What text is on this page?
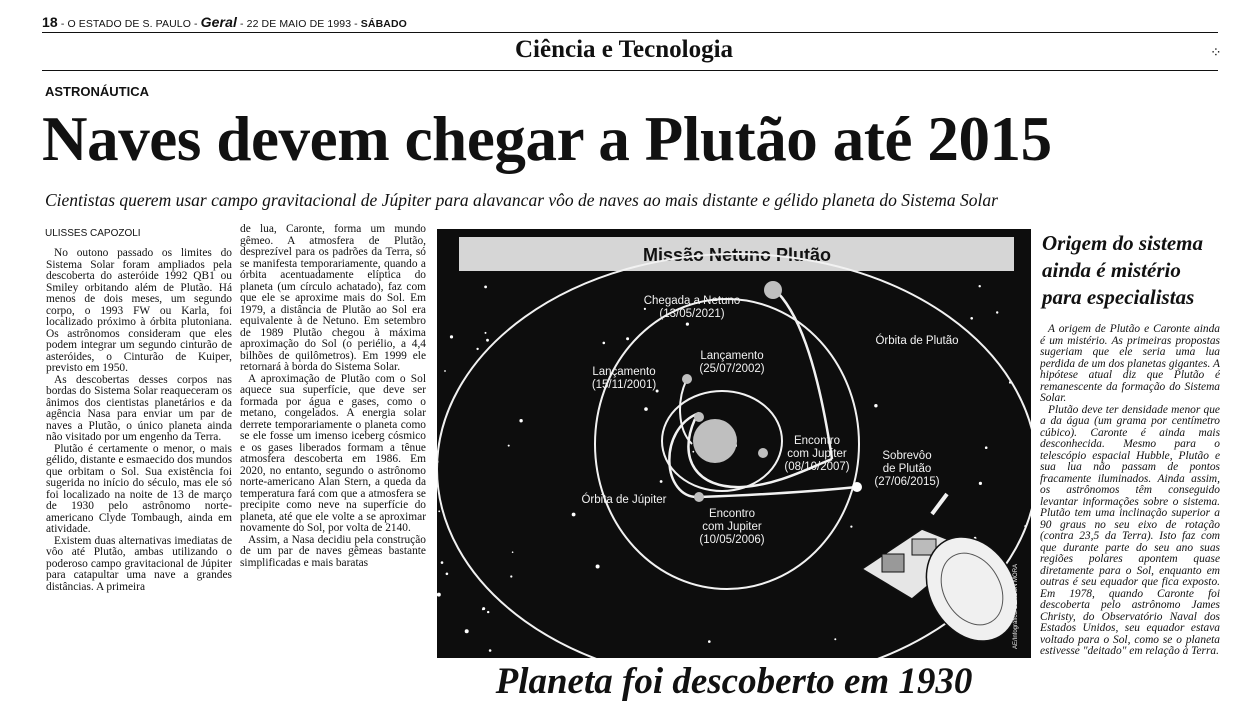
18 - O ESTADO DE S. PAULO - Geral - 22 DE MAIO DE 1993 - SÁBADO
Ciência e Tecnologia	⁘
ASTRONÁUTICA
Naves devem chegar a Plutão até 2015
Cientistas querem usar campo gravitacional de Júpiter para alavancar vôo de naves ao mais distante e gélido planeta do Sistema Solar
ULISSES CAPOZOLI

No outono passado os limites do Sistema Solar foram ampliados pela descoberta do asteróide 1992 QB1 ou Smiley orbitando além de Plutão. Há menos de dois meses, um segundo corpo, o 1993 FW ou Karla, foi localizado próximo à órbita plutoniana. Os astrônomos consideram que eles podem integrar um segundo cinturão de asteróides, o Cinturão de Kuiper, previsto em 1950.

As descobertas desses corpos nas bordas do Sistema Solar reaqueceram os ânimos dos cientistas planetários e da agência Nasa para enviar um par de naves a Plutão, o único planeta ainda não visitado por um engenho da Terra.

Plutão é certamente o menor, o mais gélido, distante e esmaecido dos mundos que orbitam o Sol. Sua existência foi sugerida no início do século, mas ele só foi localizado na noite de 13 de março de 1930 pelo astrônomo norte-americano Clyde Tombaugh, ainda em atividade.

Existem duas alternativas imediatas de vôo até Plutão, ambas utilizando o poderoso campo gravitacional de Júpiter para catapultar uma nave a grandes distâncias. A primeira

de lua, Caronte, forma um mundo gêmeo. A atmosfera de Plutão, desprezível para os padrões da Terra, só se manifesta temporariamente, quando a órbita acentuadamente elíptica do planeta (um círculo achatado), faz com que ele se aproxime mais do Sol. Em 1979, a distância de Plutão ao Sol era equivalente à de Netuno. Em setembro de 1989 Plutão chegou à máxima aproximação do Sol (o periélio, a 4,4 bilhões de quilômetros). Em 1999 ele retornará à borda do Sistema Solar.

A aproximação de Plutão com o Sol aquece sua superfície, que deve ser formada por água e gases, como o metano, congelados. A energia solar derrete temporariamente o planeta como se ele fosse um imenso iceberg cósmico e os gases liberados formam a tênue atmosfera descoberta em 1986. Em 2020, no entanto, segundo o astrônomo norte-americano Alan Stern, a queda da temperatura fará com que a atmosfera se precipite como neve na superfície do planeta, até que ele volte a se aproximar novamente do Sol, por volta de 2140.

Assim, a Nasa decidiu pela construção de um par de naves gêmeas bastante simplificadas e mais baratas

Missão Netuno Plutão
Chegada a Netuno (13/05/2021)
Lançamento (25/07/2002)
Lançamento (15/11/2001)
Órbita de Plutão
Encontro com Jupiter (08/10/2007)
Sobrevôo de Plutão (27/06/2015)
Órbita de Júpiter
Encontro com Jupiter (10/05/2006)
AE/Infográfico/GERSON MORA
Planeta foi descoberto em 1930
Origem do sistema
ainda é mistério
para especialistas

A origem de Plutão e Caronte ainda é um mistério. As primeiras propostas sugeriam que ele seria uma lua perdida de um dos planetas gigantes. A hipótese atual diz que Plutão é remanescente da formação do Sistema Solar.

Plutão deve ter densidade menor que a da água (um grama por centímetro cúbico). Caronte é ainda mais desconhecida. Mesmo para o telescópio espacial Hubble, Plutão e sua lua não passam de pontos fracamente iluminados. Ainda assim, os astrônomos têm conseguido levantar informações sobre o sistema. Plutão tem uma inclinação superior a 90 graus no seu eixo de rotação (contra 23,5 da Terra). Isto faz com que durante parte do seu ano suas regiões polares apontem quase diretamente para o Sol, enquanto em outras é seu equador que fica exposto. Em 1978, quando Caronte foi descoberta pelo astrônomo James Christy, do Observatório Naval dos Estados Unidos, seu equador estava voltado para o Sol, como se o planeta estivesse "deitado" em relação à Terra.
